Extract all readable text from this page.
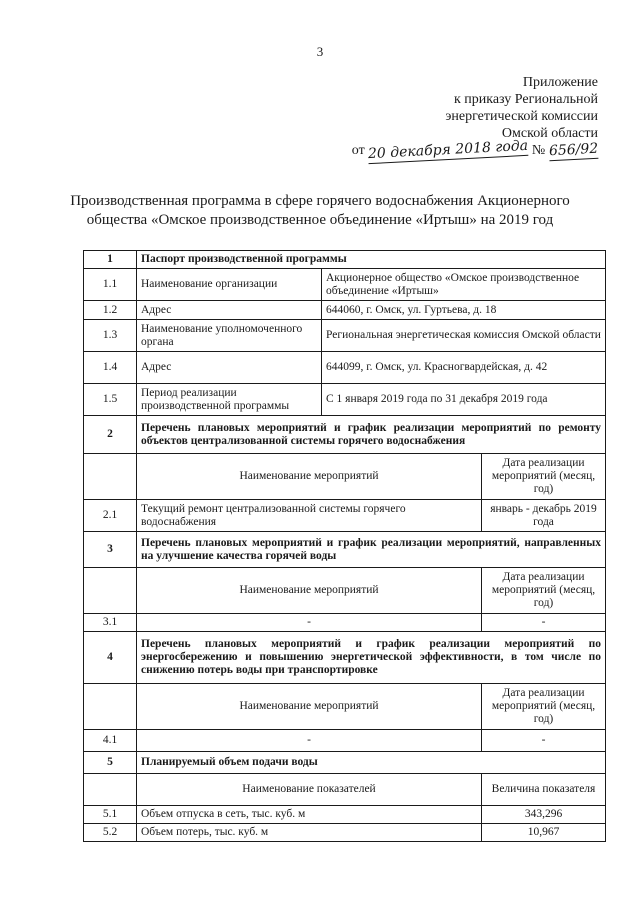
3
Приложение
к приказу Региональной
энергетической комиссии
Омской области
от 20 декабря 2018 года № 656/92
Производственная программа в сфере горячего водоснабжения Акционерного
общества «Омское производственное объединение «Иртыш» на 2019 год
1	Паспорт производственной программы		
1.1	Наименование организации	Акционерное общество «Омское производственное объединение «Иртыш»	
1.2	Адрес	644060, г. Омск, ул. Гуртьева, д. 18	
1.3	Наименование уполномоченного органа	Региональная энергетическая комиссия Омской области	
1.4	Адрес	644099, г. Омск, ул. Красногвардейская, д. 42	
1.5	Период реализации производственной программы	С 1 января 2019 года по 31 декабря 2019 года	
2	Перечень плановых мероприятий и график реализации мероприятий по ремонту объектов централизованной системы горячего водоснабжения		
	Наименование мероприятий		Дата реализации мероприятий (месяц, год)
2.1	Текущий ремонт централизованной системы горячего водоснабжения		январь - декабрь 2019 года
3	Перечень плановых мероприятий и график реализации мероприятий, направленных на улучшение качества горячей воды		
	Наименование мероприятий		Дата реализации мероприятий (месяц, год)
3.1	-		-
4	Перечень плановых мероприятий и график реализации мероприятий по энергосбережению и повышению энергетической эффективности, в том числе по снижению потерь воды при транспортировке		
	Наименование мероприятий		Дата реализации мероприятий (месяц, год)
4.1	-		-
5	Планируемый объем подачи воды		
	Наименование показателей		Величина показателя
5.1	Объем отпуска в сеть, тыс. куб. м		343,296
5.2	Объем потерь, тыс. куб. м		10,967
